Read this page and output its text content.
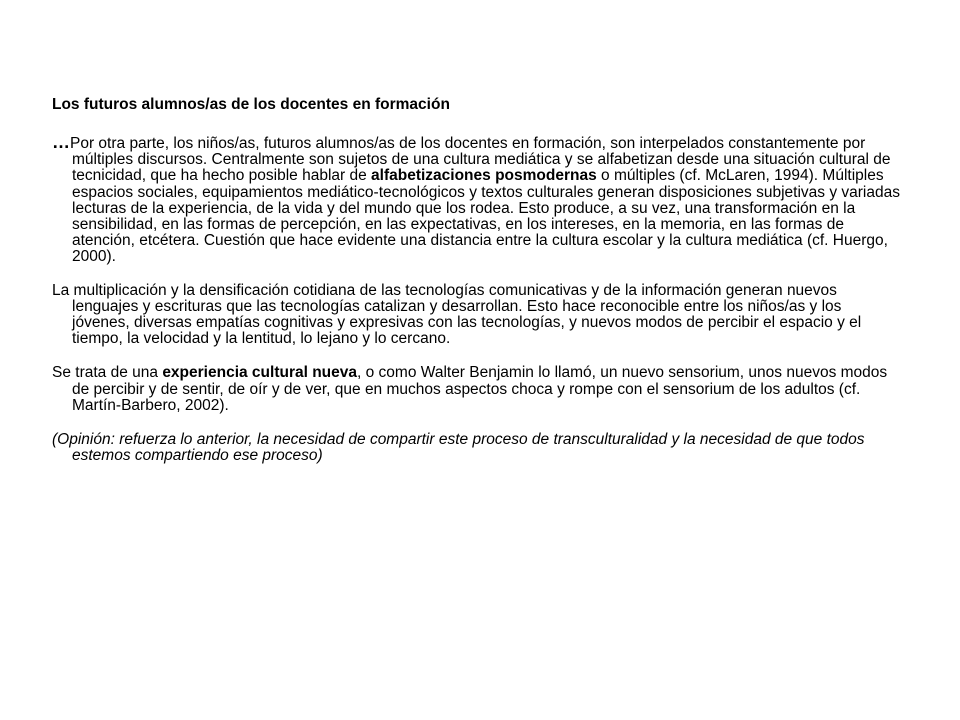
Los futuros alumnos/as de los docentes en formación

…Por otra parte, los niños/as, futuros alumnos/as de los docentes en formación, son interpelados constantemente por múltiples discursos. Centralmente son sujetos de una cultura mediática y se alfabetizan desde una situación cultural de tecnicidad, que ha hecho posible hablar de alfabetizaciones posmodernas o múltiples (cf. McLaren, 1994). Múltiples espacios sociales, equipamientos mediático-tecnológicos y textos culturales generan disposiciones subjetivas y variadas lecturas de la experiencia, de la vida y del mundo que los rodea. Esto produce, a su vez, una transformación en la sensibilidad, en las formas de percepción, en las expectativas, en los intereses, en la memoria, en las formas de atención, etcétera. Cuestión que hace evidente una distancia entre la cultura escolar y la cultura mediática (cf. Huergo, 2000).

La multiplicación y la densificación cotidiana de las tecnologías comunicativas y de la información generan nuevos lenguajes y escrituras que las tecnologías catalizan y desarrollan. Esto hace reconocible entre los niños/as y los jóvenes, diversas empatías cognitivas y expresivas con las tecnologías, y nuevos modos de percibir el espacio y el tiempo, la velocidad y la lentitud, lo lejano y lo cercano.

Se trata de una experiencia cultural nueva, o como Walter Benjamin lo llamó, un nuevo sensorium, unos nuevos modos de percibir y de sentir, de oír y de ver, que en muchos aspectos choca y rompe con el sensorium de los adultos (cf. Martín-Barbero, 2002).

(Opinión: refuerza lo anterior, la necesidad de compartir este proceso de transculturalidad y la necesidad de que todos estemos compartiendo ese proceso)
